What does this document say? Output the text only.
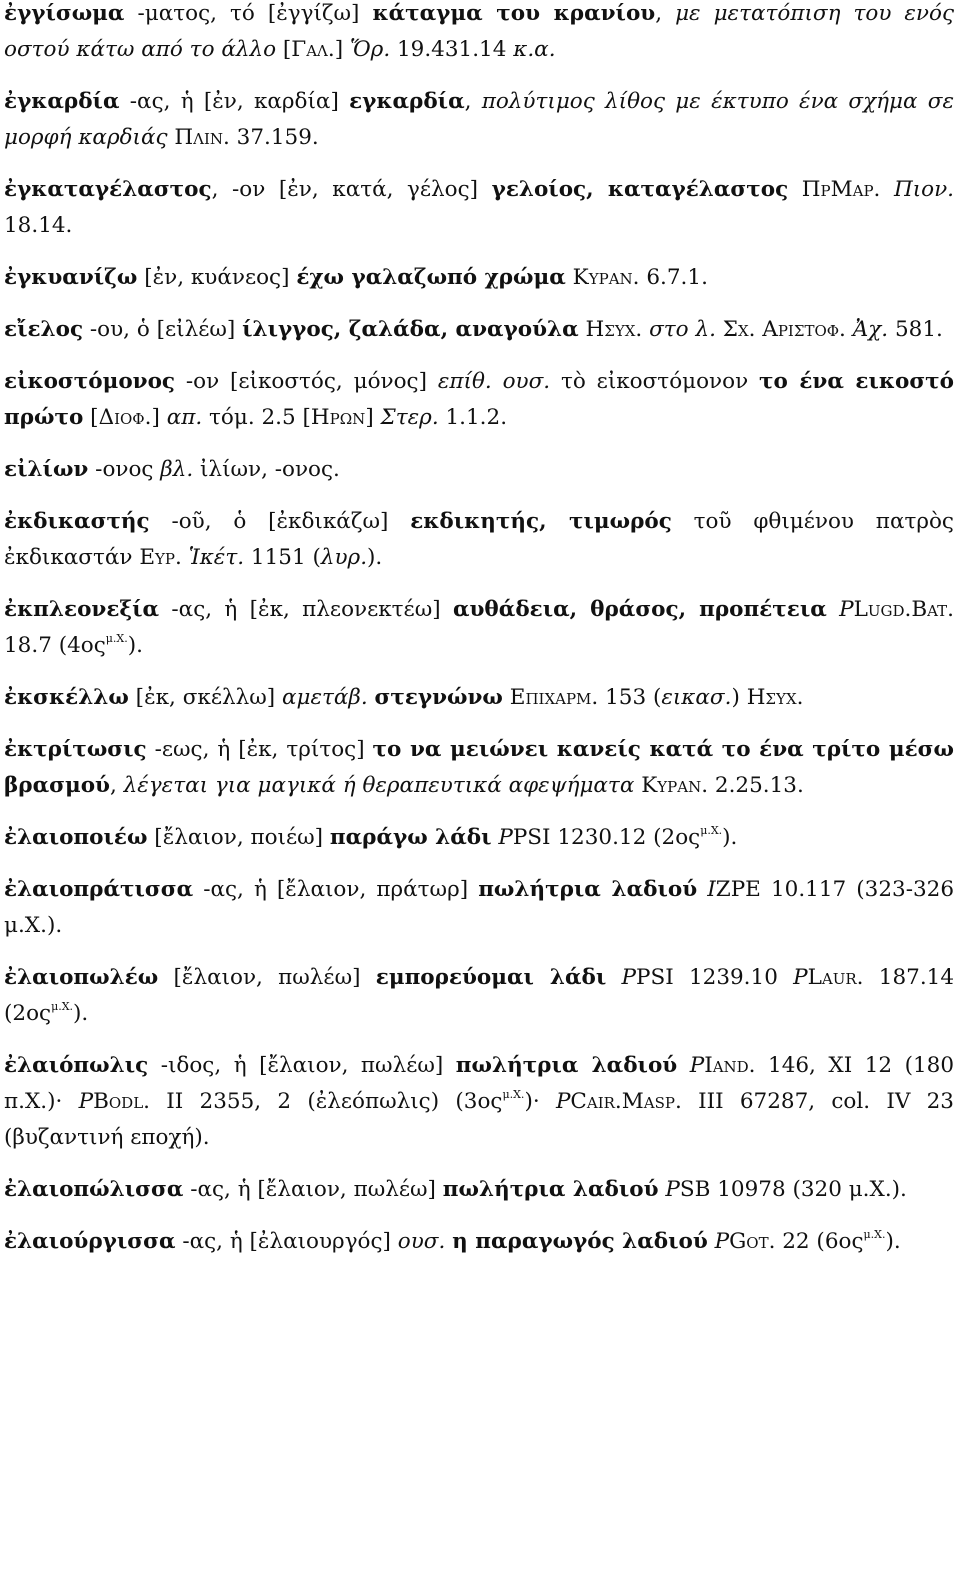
ἐγγίσωμα -ματος, τό [ἐγγίζω] κάταγμα του κρανίου, με μετατόπιση του ενός οστού κάτω από το άλλο [Γαλ.] Ὅρ. 19.431.14 κ.α.

ἐγκαρδία -ας, ἡ [ἐν, καρδία] εγκαρδία, πολύτιμος λίθος με έκτυπο ένα σχήμα σε μορφή καρδιάς Πλιν. 37.159.

ἐγκαταγέλαστος, -ον [ἐν, κατά, γέλος] γελοίος, καταγέλαστος ΠρΜαρ. Πιον. 18.14.

ἐγκυανίζω [ἐν, κυάνεος] έχω γαλαζωπό χρώμα Κυραν. 6.7.1.

εἴελος -ου, ὁ [εἰλέω] ίλιγγος, ζαλάδα, αναγούλα Ησυχ. στο λ. Σχ. Αριστοφ. Ἀχ. 581.

εἰκοστόμονος -ον [εἰκοστός, μόνος] επίθ. ουσ. τὸ εἰκοστόμονον το ένα εικοστό πρώτο [Διοφ.] απ. τόμ. 2.5 [Ηρων] Στερ. 1.1.2.

εἰλίων -ονος βλ. ἰλίων, -ονος.

ἐκδικαστής -οῦ, ὁ [ἐκδικάζω] εκδικητής, τιμωρός τοῦ φθιμένου πατρὸς ἐκδικαστάν Ευρ. Ἱκέτ. 1151 (λυρ.).

ἐκπλεονεξία -ας, ἡ [ἐκ, πλεονεκτέω] αυθάδεια, θράσος, προπέτεια PLugd.Bat. 18.7 $(4o\varsigma^{\mu.X.})$.

ἐκσκέλλω [ἐκ, σκέλλω] αμετάβ. στεγνώνω Επιχαρμ. 153 (εικασ.) Ησυχ.

ἐκτρίτωσις -εως, ἡ [ἐκ, τρίτος] το να μειώνει κανείς κατά το ένα τρίτο μέσω βρασμού, λέγεται για μαγικά ή θεραπευτικά αφεψήματα Κυραν. 2.25.13.

ἐλαιοποιέω [ἔλαιον, ποιέω] παράγω λάδι PPSI 1230.12 $(2o\varsigma^{\mu.X.})$.

ἐλαιοπράτισσα -ας, ἡ [ἔλαιον, πράτωρ] πωλήτρια λαδιού IZPE 10.117 (323-326 μ.Χ.).

ἐλαιοπωλέω [ἔλαιον, πωλέω] εμπορεύομαι λάδι PPSI 1239.10 PLaur. 187.14 $(2o\varsigma^{\mu.X.})$.

ἐλαιόπωλις -ιδος, ἡ [ἔλαιον, πωλέω] πωλήτρια λαδιού PIand. 146, XI 12 (180 π.Χ.)· PBodl. II 2355, 2 (ἐλεόπωλις) $(3o\varsigma^{\mu.X.})\cdot$ PCair.Masp. III 67287, col. IV 23 (βυζαντινή εποχή).

ἐλαιοπώλισσα -ας, ἡ [ἔλαιον, πωλέω] πωλήτρια λαδιού PSB 10978 (320 μ.Χ.).

ἐλαιούργισσα -ας, ἡ [ἐλαιουργός] ουσ. η παραγωγός λαδιού PGot. 22 $(6o\varsigma^{\mu.X.})$.
